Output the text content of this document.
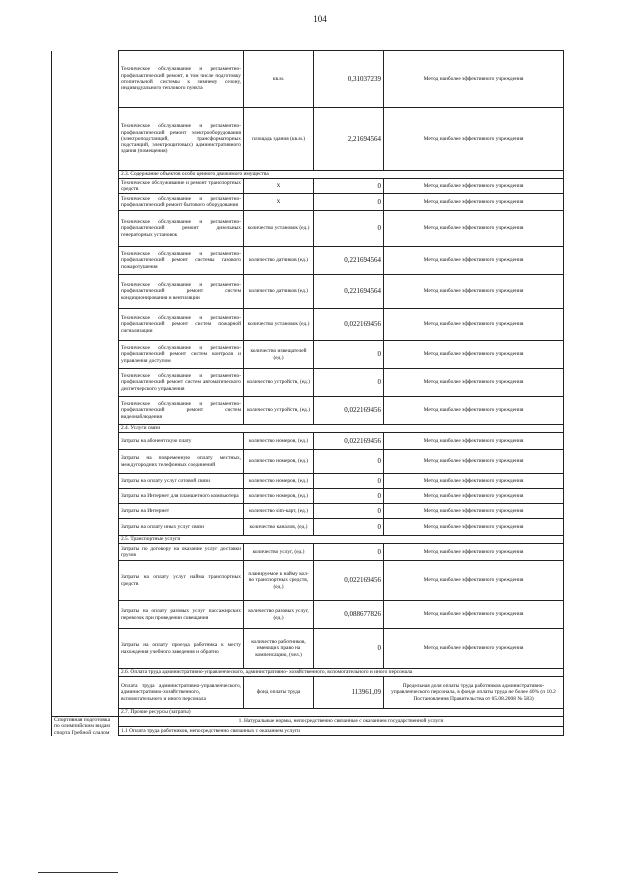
104
	Техническое обслуживание и регламентно-профилактический ремонт, в том числе подготовку отопительной системы к зимнему сезону, индивидуального теплового пункта	кв.м.	0,31037239	Метод наиболее эффективного учреждения
	Техническое обслуживание и регламентно-профилактический ремонт электрооборудования (электроподстанций, трансформаторных подстанций, электрощитовых) административного здания (помещения)	площадь здания (кв.м.)	2,21694564	Метод наиболее эффективного учреждения
	2.3. Содержание объектов особо ценного движимого имущества			
	Техническое обслуживание и ремонт транспортных средств	Х	0	Метод наиболее эффективного учреждения
	Техническое обслуживание и регламентно-профилактический ремонт бытового оборудования	Х	0	Метод наиболее эффективного учреждения
	Техническое обслуживание и регламентно-профилактический ремонт дизельных генераторных установок	количество установок (ед.)	0	Метод наиболее эффективного учреждения
	Техническое обслуживание и регламентно-профилактический ремонт системы газового пожаротушения	количество датчиков (ед.)	0,221694564	Метод наиболее эффективного учреждения
	Техническое обслуживание и регламентно-профилактический ремонт систем кондиционирования и вентиляции	количество датчиков (ед.)	0,221694564	Метод наиболее эффективного учреждения
	Техническое обслуживание и регламентно-профилактический ремонт систем пожарной сигнализации	количество установок (ед.)	0,022169456	Метод наиболее эффективного учреждения
	Техническое обслуживание и регламентно-профилактический ремонт систем контроля и управления доступом	количество извещателей (ед.)	0	Метод наиболее эффективного учреждения
	Техническое обслуживание и регламентно-профилактический ремонт систем автоматического диспетчерского управления	количество устройств, (ед.)	0	Метод наиболее эффективного учреждения
	Техническое обслуживание и регламентно-профилактический ремонт систем видеонаблюдения	количество устройств, (ед.)	0,022169456	Метод наиболее эффективного учреждения
	2.4. Услуги связи			
	Затраты на абонентскую плату	количество номеров, (ед.)	0,022169456	Метод наиболее эффективного учреждения
	Затраты на повременную оплату местных, междугородних телефонных соединений	количество номеров, (ед.)	0	Метод наиболее эффективного учреждения
	Затраты на оплату услуг сотовой связи	количество номеров, (ед.)	0	Метод наиболее эффективного учреждения
	Затраты на Интернет для планшетного компьютера	количество номеров, (ед.)	0	Метод наиболее эффективного учреждения
	Затраты на Интернет	количество sim-карт, (ед.)	0	Метод наиболее эффективного учреждения
	Затраты на оплату иных услуг связи	количество каналов, (ед.)	0	Метод наиболее эффективного учреждения
	2.5. Транспортные услуги			
	Затраты по договору на оказание услуг доставки грузов	количество услуг, (ед.)	0	Метод наиболее эффективного учреждения
	Затраты на оплату услуг найма транспортных средств	планируемое к найму кол- во транспортных средств, (ед.)	0,022169456	Метод наиболее эффективного учреждения
	Затраты на оплату разовых услуг пассажирских перевозок при проведении совещания	количество разовых услуг, (ед.)	0,088677826	Метод наиболее эффективного учреждения
	Затраты на оплату проезда работника к месту нахождения учебного заведения и обратно	количество работников, имеющих право на компенсацию, (чел.)	0	Метод наиболее эффективного учреждения
	2.6. Оплата труда административно-управленческого, административно- хозяйственного, вспомогательного и иного персонала			
	Оплата труда административно-управленческого, административно-хозяйственного, вспомогательного и иного персонала	фонд оплаты труда	113961,09	Предельная доля оплаты труда работников административно-управленческого персонала, в фонде оплаты труда не более 40% (п 10.2 Постановления Правительства от 05.08.2008 № 583)
	2.7. Прочие ресурсы (затраты)			
Спортивная подготовка по олимпийским видам спорта Гребной слалом	1. Натуральные нормы, непосредственно связанные с оказанием государственной услуги			
	1.1 Оплата труда работников, непосредственно связанных с оказанием услуги			
